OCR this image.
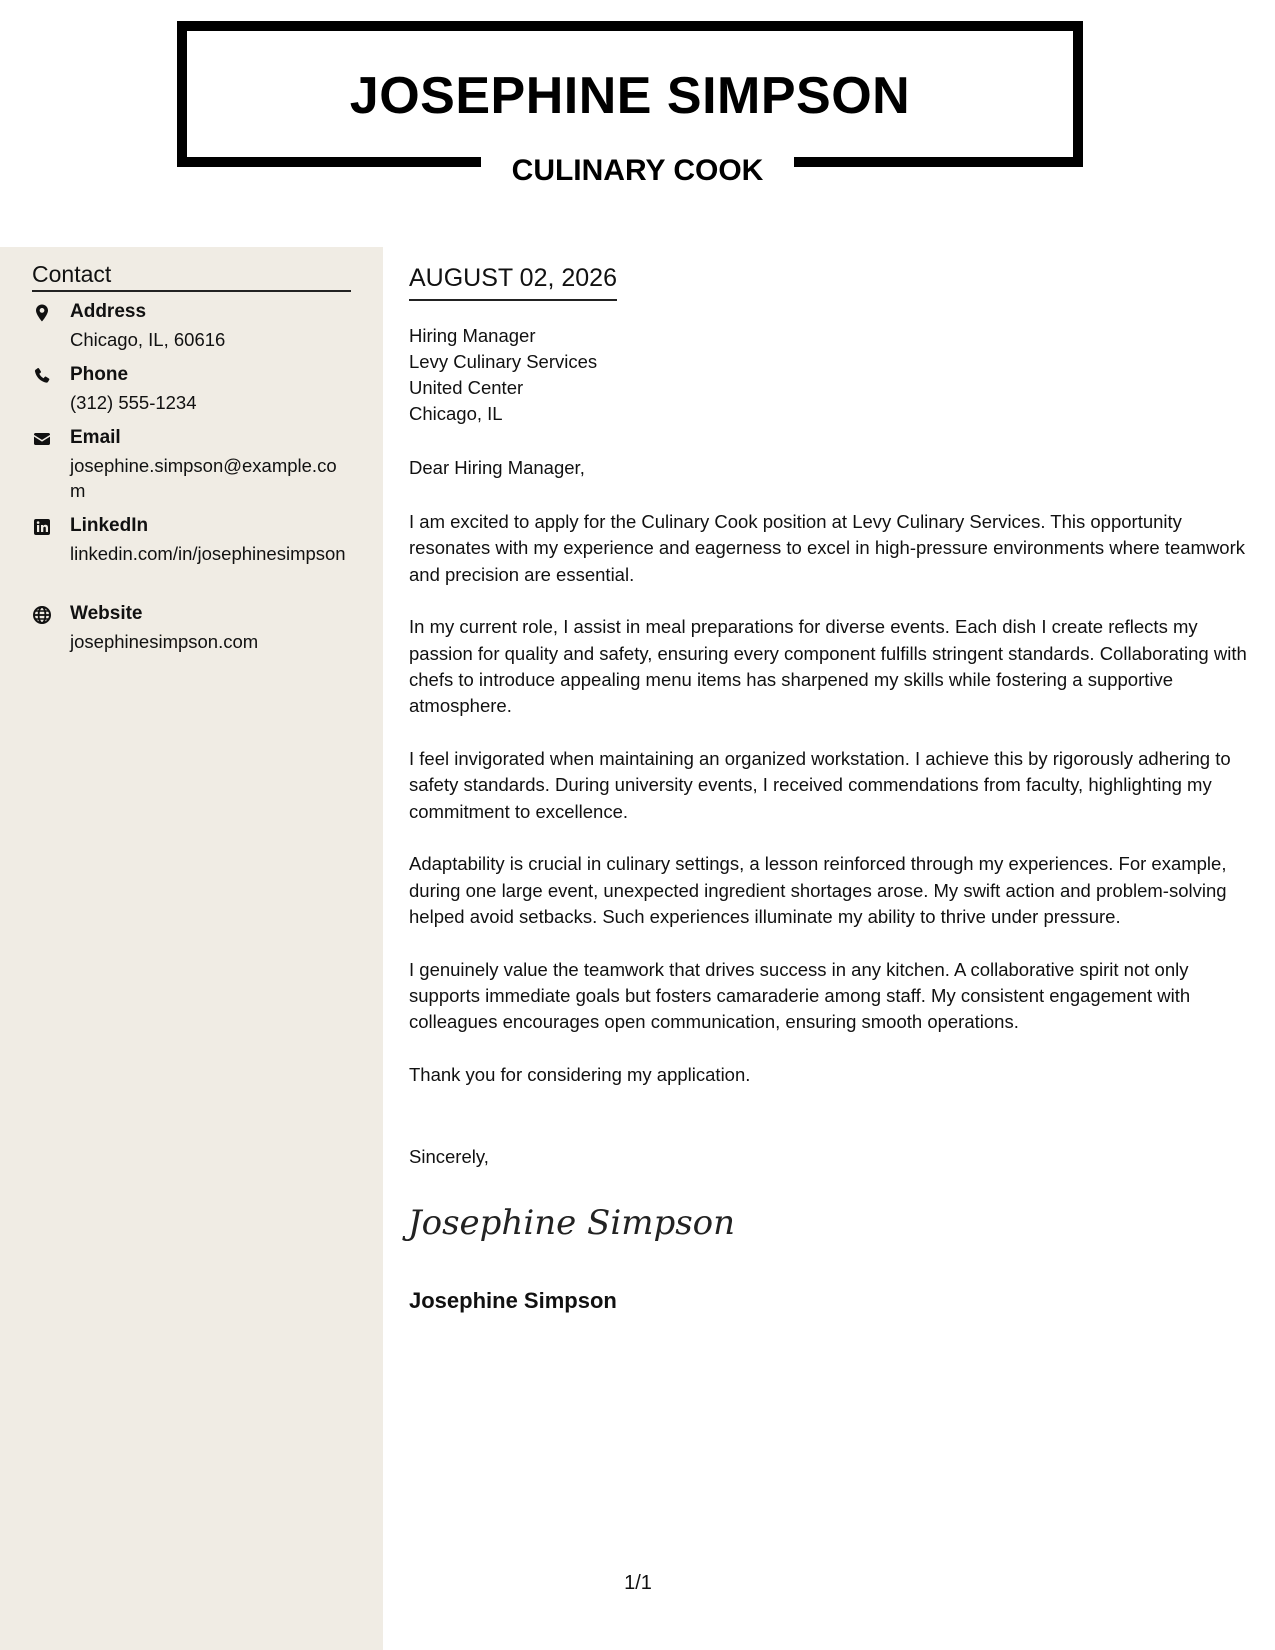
JOSEPHINE SIMPSON
CULINARY COOK
Contact
Address
Chicago, IL, 60616
Phone
(312) 555-1234
Email
josephine.simpson@example.com
LinkedIn
linkedin.com/in/josephinesimpson
Website
josephinesimpson.com
AUGUST 02, 2026
Hiring Manager
Levy Culinary Services
United Center
Chicago, IL
Dear Hiring Manager,

I am excited to apply for the Culinary Cook position at Levy Culinary Services. This opportunity resonates with my experience and eagerness to excel in high-pressure environments where teamwork and precision are essential.

In my current role, I assist in meal preparations for diverse events. Each dish I create reflects my passion for quality and safety, ensuring every component fulfills stringent standards. Collaborating with chefs to introduce appealing menu items has sharpened my skills while fostering a supportive atmosphere.

I feel invigorated when maintaining an organized workstation. I achieve this by rigorously adhering to safety standards. During university events, I received commendations from faculty, highlighting my commitment to excellence.

Adaptability is crucial in culinary settings, a lesson reinforced through my experiences. For example, during one large event, unexpected ingredient shortages arose. My swift action and problem-solving helped avoid setbacks. Such experiences illuminate my ability to thrive under pressure.

I genuinely value the teamwork that drives success in any kitchen. A collaborative spirit not only supports immediate goals but fosters camaraderie among staff. My consistent engagement with colleagues encourages open communication, ensuring smooth operations.

Thank you for considering my application.

Sincerely,
Josephine Simpson
Josephine Simpson
1/1
